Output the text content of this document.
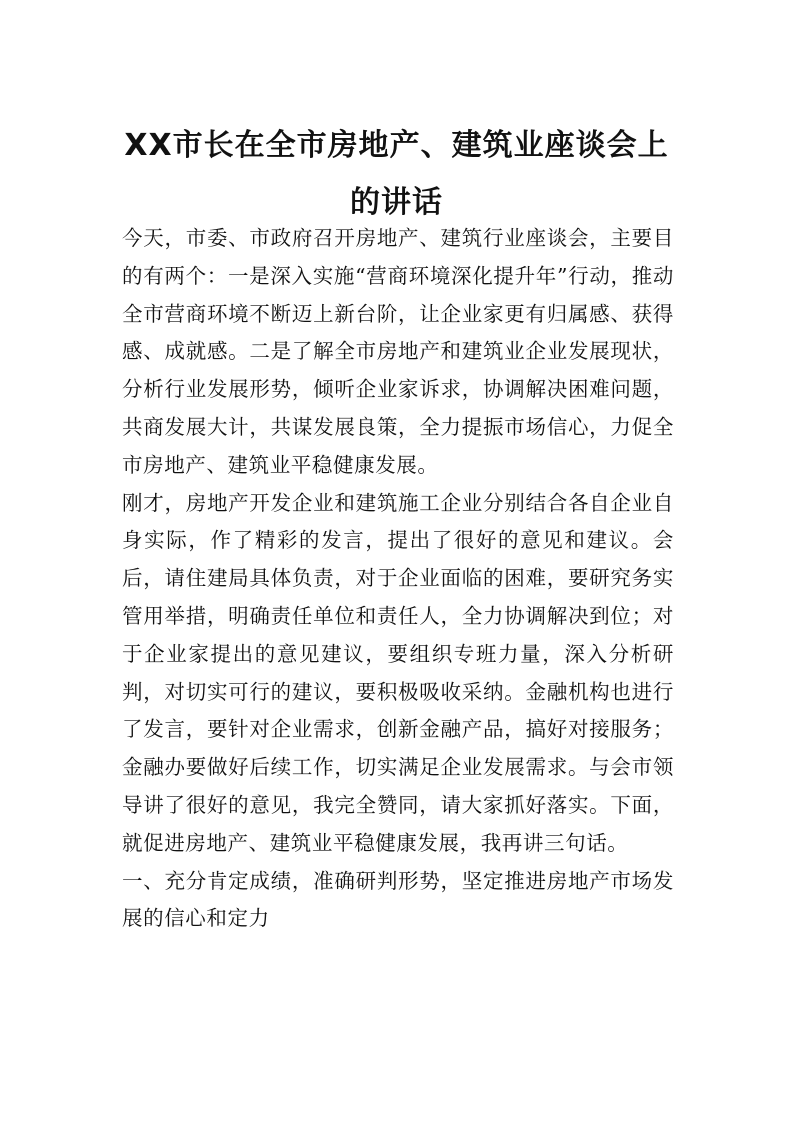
XX市长在全市房地产、建筑业座谈会上的讲话

今天，市委、市政府召开房地产、建筑行业座谈会，主要目的有两个：一是深入实施“营商环境深化提升年”行动，推动全市营商环境不断迈上新台阶，让企业家更有归属感、获得感、成就感。二是了解全市房地产和建筑业企业发展现状，分析行业发展形势，倾听企业家诉求，协调解决困难问题，共商发展大计，共谋发展良策，全力提振市场信心，力促全市房地产、建筑业平稳健康发展。

刚才，房地产开发企业和建筑施工企业分别结合各自企业自身实际，作了精彩的发言，提出了很好的意见和建议。会后，请住建局具体负责，对于企业面临的困难，要研究务实管用举措，明确责任单位和责任人，全力协调解决到位；对于企业家提出的意见建议，要组织专班力量，深入分析研判，对切实可行的建议，要积极吸收采纳。金融机构也进行了发言，要针对企业需求，创新金融产品，搞好对接服务；金融办要做好后续工作，切实满足企业发展需求。与会市领导讲了很好的意见，我完全赞同，请大家抓好落实。下面，就促进房地产、建筑业平稳健康发展，我再讲三句话。

一、充分肯定成绩，准确研判形势，坚定推进房地产市场发展的信心和定力
